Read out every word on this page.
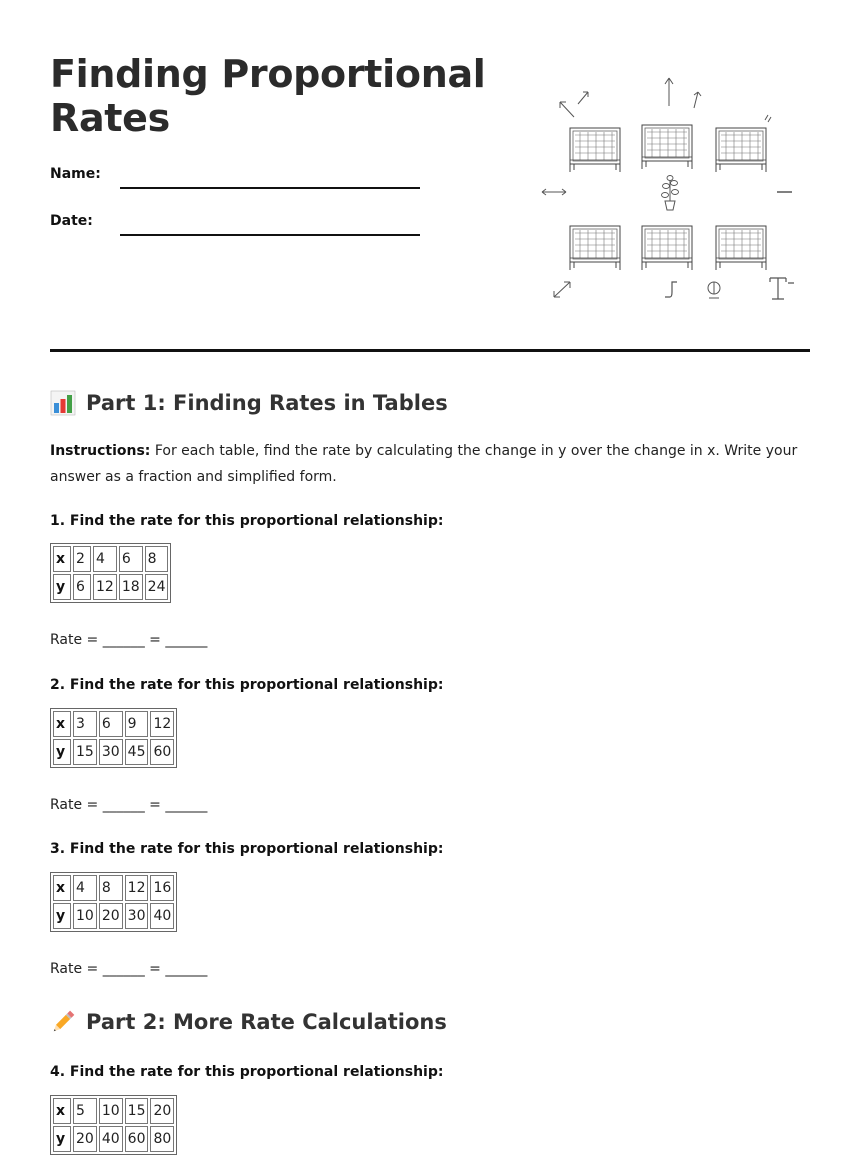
Finding Proportional Rates
Name:
Date:
Part 1: Finding Rates in Tables

Instructions: For each table, find the rate by calculating the change in y over the change in x. Write your answer as a fraction and simplified form.

1. Find the rate for this proportional relationship:

x	2	4	6	8
y	6	12	18	24

Rate = ______ = ______

2. Find the rate for this proportional relationship:

x	3	6	9	12
y	15	30	45	60

Rate = ______ = ______

3. Find the rate for this proportional relationship:

x	4	8	12	16
y	10	20	30	40

Rate = ______ = ______

Part 2: More Rate Calculations

4. Find the rate for this proportional relationship:

x	5	10	15	20
y	20	40	60	80
